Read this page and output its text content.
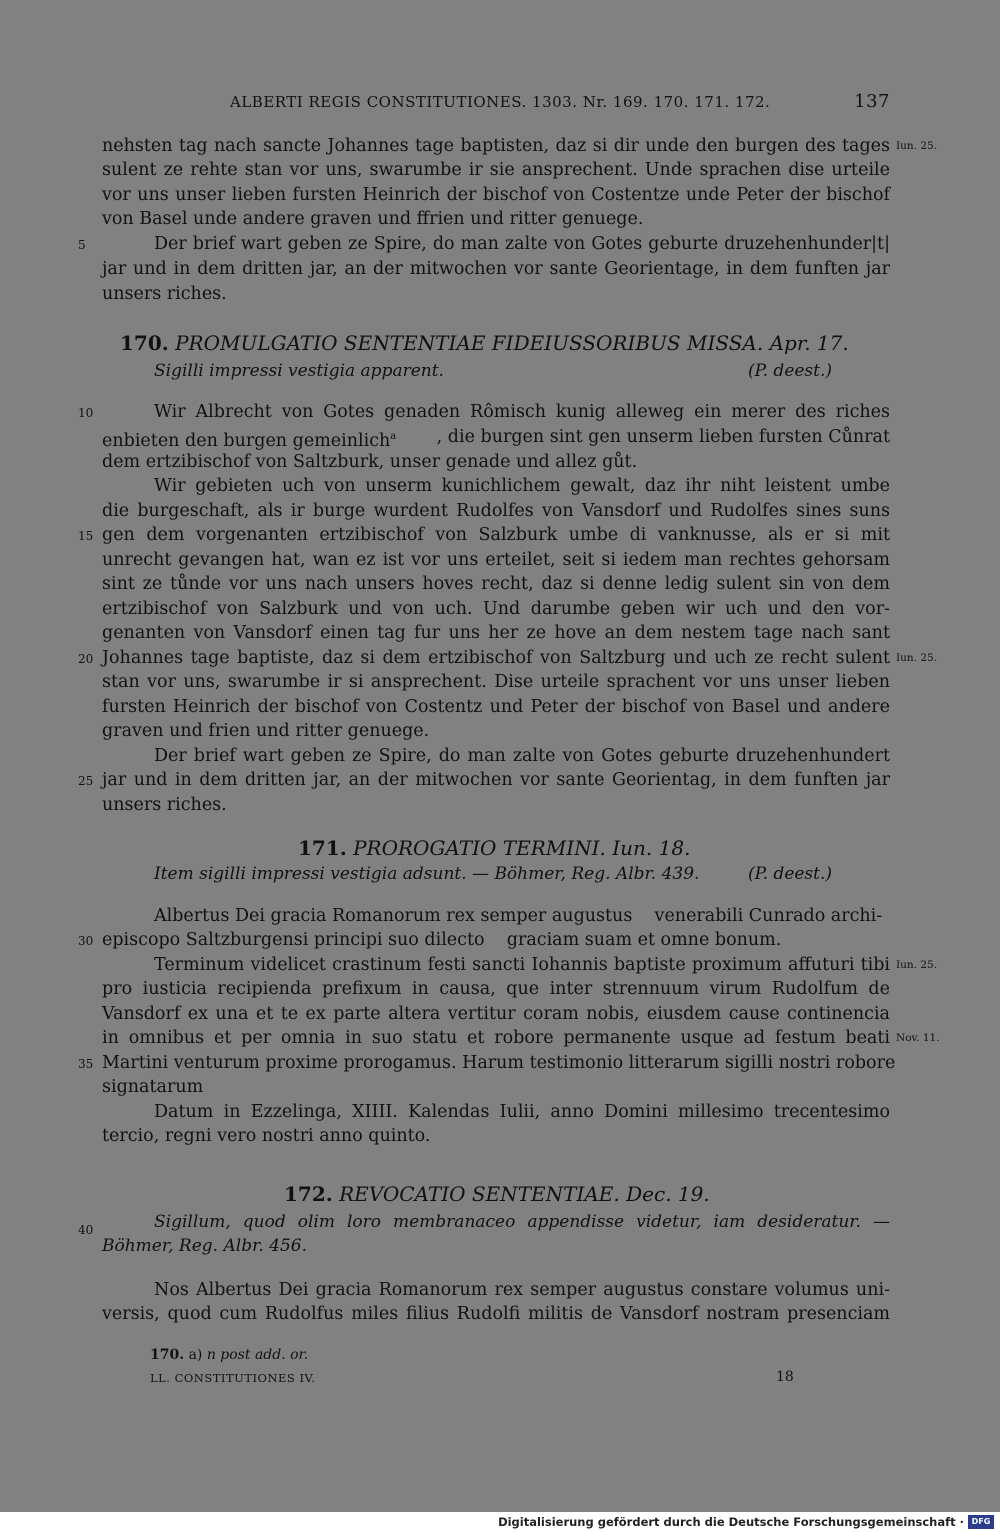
ALBERTI REGIS CONSTITUTIONES. 1303. Nr. 169. 170. 171. 172.	137
nehsten tag nach sancte Johannes tage baptisten, daz si dir unde den burgen des tages Iun. 25.
sulent ze rehte stan vor uns, swarumbe ir sie ansprechent. Unde sprachen dise urteile
vor uns unser lieben fursten Heinrich der bischof von Costentze unde Peter der bischof
von Basel unde andere graven und ffrien und ritter genuege.
5	Der brief wart geben ze Spire, do man zalte von Gotes geburte druzehenhunder|t|
jar und in dem dritten jar, an der mitwochen vor sante Georientage, in dem funften jar
unsers riches.
170. PROMULGATIO SENTENTIAE FIDEIUSSORIBUS MISSA. Apr. 17.
Sigilli impressi vestigia apparent.	(P. deest.)
10	Wir Albrecht von Gotes genaden Rômisch kunig alleweg ein merer des riches
enbieten den burgen gemeinlich$^a$ , die burgen sint gen unserm lieben fursten Cůnrat
dem ertzibischof von Saltzburk, unser genade und allez gůt.
Wir gebieten uch von unserm kunichlichem gewalt, daz ihr niht leistent umbe
die burgeschaft, als ir burge wurdent Rudolfes von Vansdorf und Rudolfes sines suns
15 gen dem vorgenanten ertzibischof von Salzburk umbe di vanknusse, als er si mit
unrecht gevangen hat, wan ez ist vor uns erteilet, seit si iedem man rechtes gehorsam
sint ze tůnde vor uns nach unsers hoves recht, daz si denne ledig sulent sin von dem
ertzibischof von Salzburk und von uch. Und darumbe geben wir uch und den vor-
genanten von Vansdorf einen tag fur uns her ze hove an dem nestem tage nach sant
20 Johannes tage baptiste, daz si dem ertzibischof von Saltzburg und uch ze recht sulent Iun. 25.
stan vor uns, swarumbe ir si ansprechent. Dise urteile sprachent vor uns unser lieben
fursten Heinrich der bischof von Costentz und Peter der bischof von Basel und andere
graven und frien und ritter genuege.
Der brief wart geben ze Spire, do man zalte von Gotes geburte druzehenhundert
25 jar und in dem dritten jar, an der mitwochen vor sante Georientag, in dem funften jar
unsers riches.
171. PROROGATIO TERMINI. Iun. 18.
Item sigilli impressi vestigia adsunt. — Böhmer, Reg. Albr. 439.	(P. deest.)
Albertus Dei gracia Romanorum rex semper augustus    venerabili Cunrado archi-
30 episcopo Saltzburgensi principi suo dilecto    graciam suam et omne bonum.
Terminum videlicet crastinum festi sancti Iohannis baptiste proximum affuturi tibi Iun. 25.
pro iusticia recipienda prefixum in causa, que inter strennuum virum Rudolfum de
Vansdorf ex una et te ex parte altera vertitur coram nobis, eiusdem cause continencia
in omnibus et per omnia in suo statu et robore permanente usque ad festum beati Nov. 11.
35 Martini venturum proxime prorogamus. Harum testimonio litterarum sigilli nostri robore
signatarum
Datum in Ezzelinga, XIIII. Kalendas Iulii, anno Domini millesimo trecentesimo
tercio, regni vero nostri anno quinto.
172. REVOCATIO SENTENTIAE. Dec. 19.
40	Sigillum, quod olim loro membranaceo appendisse videtur, iam desideratur. —
Böhmer, Reg. Albr. 456.
Nos Albertus Dei gracia Romanorum rex semper augustus constare volumus uni-
versis, quod cum Rudolfus miles filius Rudolfi militis de Vansdorf nostram presenciam
170. a) n post add. or.
LL. CONSTITUTIONES IV.	18
Digitalisierung gefördert durch die Deutsche Forschungsgemeinschaft · DFG
